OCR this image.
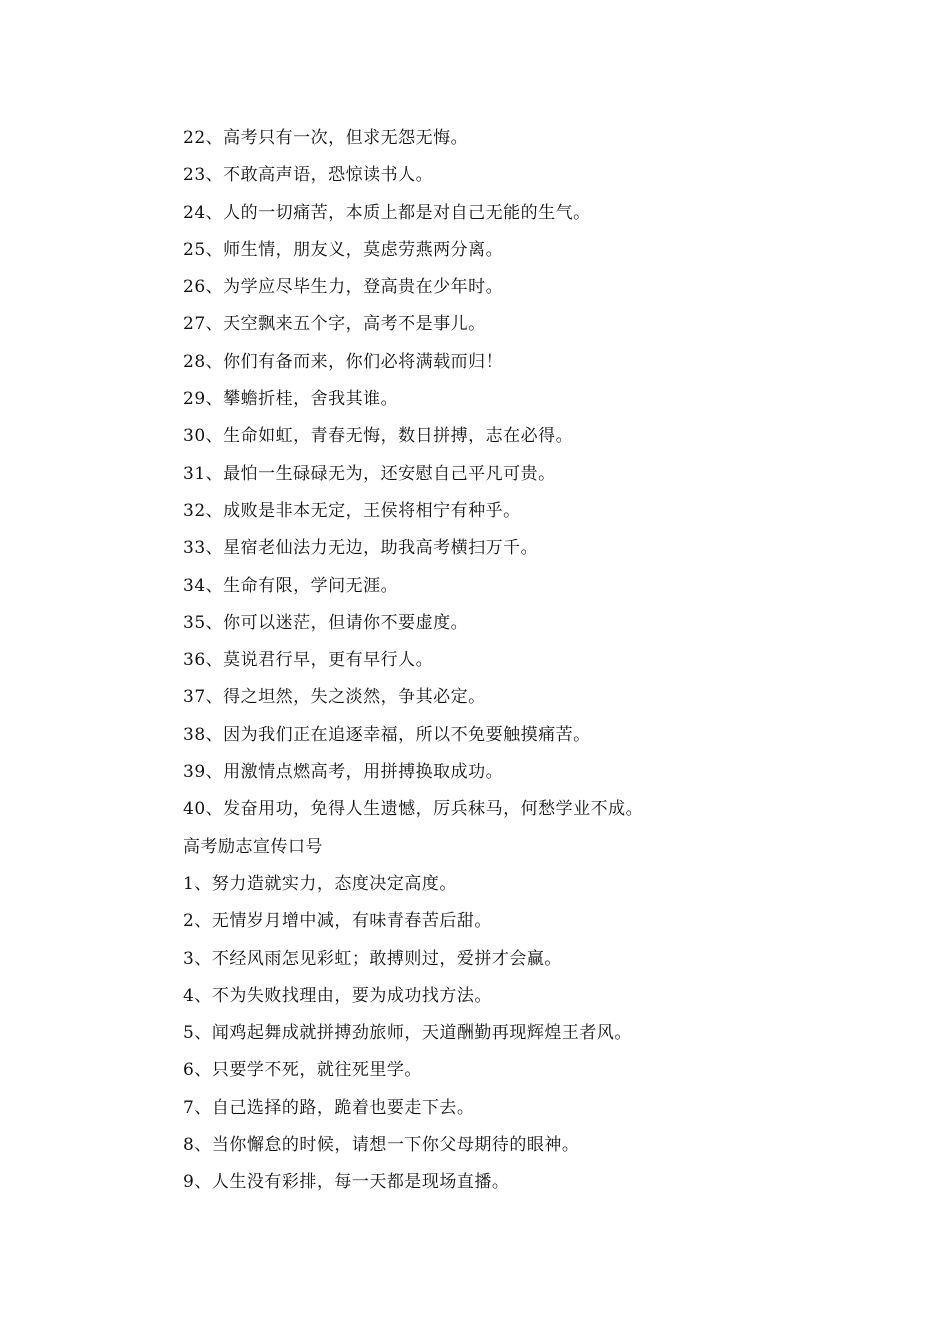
22、高考只有一次，但求无怨无悔。
23、不敢高声语，恐惊读书人。
24、人的一切痛苦，本质上都是对自己无能的生气。
25、师生情，朋友义，莫虑劳燕两分离。
26、为学应尽毕生力，登高贵在少年时。
27、天空飘来五个字，高考不是事儿。
28、你们有备而来，你们必将满载而归！
29、攀蟾折桂，舍我其谁。
30、生命如虹，青春无悔，数日拼搏，志在必得。
31、最怕一生碌碌无为，还安慰自己平凡可贵。
32、成败是非本无定，王侯将相宁有种乎。
33、星宿老仙法力无边，助我高考横扫万千。
34、生命有限，学问无涯。
35、你可以迷茫，但请你不要虚度。
36、莫说君行早，更有早行人。
37、得之坦然，失之淡然，争其必定。
38、因为我们正在追逐幸福，所以不免要触摸痛苦。
39、用激情点燃高考，用拼搏换取成功。
40、发奋用功，免得人生遗憾，厉兵秣马，何愁学业不成。
高考励志宣传口号
1、努力造就实力，态度决定高度。
2、无情岁月增中减，有味青春苦后甜。
3、不经风雨怎见彩虹；敢搏则过，爱拼才会赢。
4、不为失败找理由，要为成功找方法。
5、闻鸡起舞成就拼搏劲旅师，天道酬勤再现辉煌王者风。
6、只要学不死，就往死里学。
7、自己选择的路，跪着也要走下去。
8、当你懈怠的时候，请想一下你父母期待的眼神。
9、人生没有彩排，每一天都是现场直播。
